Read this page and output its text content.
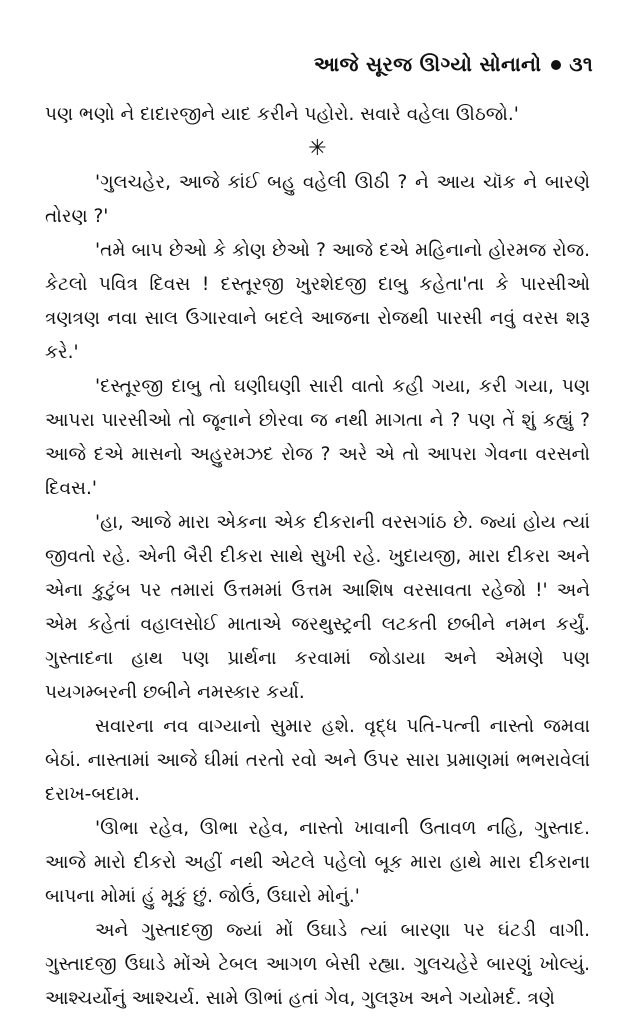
આજે સૂરજ ઊગ્યો સોનાનો ૩૧

પણ ભણો ને દાદારજીને યાદ કરીને પહોરો. સવારે વહેલા ઊઠજો.'

✳

'ગુલચહેર, આજે કાંઈ બહુ વહેલી ઊઠી ? ને આય ચૉક ને બારણે તોરણ ?'

'તમે બાપ છેઓ કે કોણ છેઓ ? આજે દએ મહિનાનો હોરમજ રોજ. કેટલો પવિત્ર દિવસ ! દસ્તૂરજી ખુરશેદજી દાબુ કહેતા'તા કે પારસીઓ ત્રણત્રણ નવા સાલ ઉગારવાને બદલે આજના રોજથી પારસી નવું વરસ શરૂ કરે.'

'દસ્તૂરજી દાબુ તો ઘણીઘણી સારી વાતો કહી ગયા, કરી ગયા, પણ આપરા પારસીઓ તો જૂનાને છોરવા જ નથી માગતા ને ? પણ તેં શું કહ્યું ? આજે દએ માસનો અહુરમઝદ રોજ ? અરે એ તો આપરા ગેવના વરસનો દિવસ.'

'હા, આજે મારા એકના એક દીકરાની વરસગાંઠ છે. જ્યાં હોય ત્યાં જીવતો રહે. એની બૈરી દીકરા સાથે સુખી રહે. ખુદાયજી, મારા દીકરા અને એના કુટુંબ પર તમારાં ઉત્તમમાં ઉત્તમ આશિષ વરસાવતા રહેજો !' અને એમ કહેતાં વહાલસોઈ માતાએ જરથુસ્ટ્રની લટકતી છબીને નમન કર્યું. ગુસ્તાદના હાથ પણ પ્રાર્થના કરવામાં જોડાયા અને એમણે પણ પયગમ્બરની છબીને નમસ્કાર કર્યા.

સવારના નવ વાગ્યાનો સુમાર હશે. વૃદ્ધ પતિ-પત્ની નાસ્તો જમવા બેઠાં. નાસ્તામાં આજે ઘીમાં તરતો રવો અને ઉપર સારા પ્રમાણમાં ભભરાવેલાં દરાખ-બદામ.

'ઊભા રહેવ, ઊભા રહેવ, નાસ્તો ખાવાની ઉતાવળ નહિ, ગુસ્તાદ. આજે મારો દીકરો અહીં નથી એટલે પહેલો બૂક મારા હાથે મારા દીકરાના બાપના મોમાં હું મૂકું છું. જોઉં, ઉઘારો મોનું.'

અને ગુસ્તાદજી જ્યાં મોં ઉઘાડે ત્યાં બારણા પર ઘંટડી વાગી. ગુસ્તાદજી ઉઘાડે મોંએ ટેબલ આગળ બેસી રહ્યા. ગુલચહેરે બારણું ખોલ્યું. આશ્ચર્યોનું આશ્ચર્ય. સામે ઊભાં હતાં ગેવ, ગુલરૂખ અને ગયોમર્દ. ત્રણે
